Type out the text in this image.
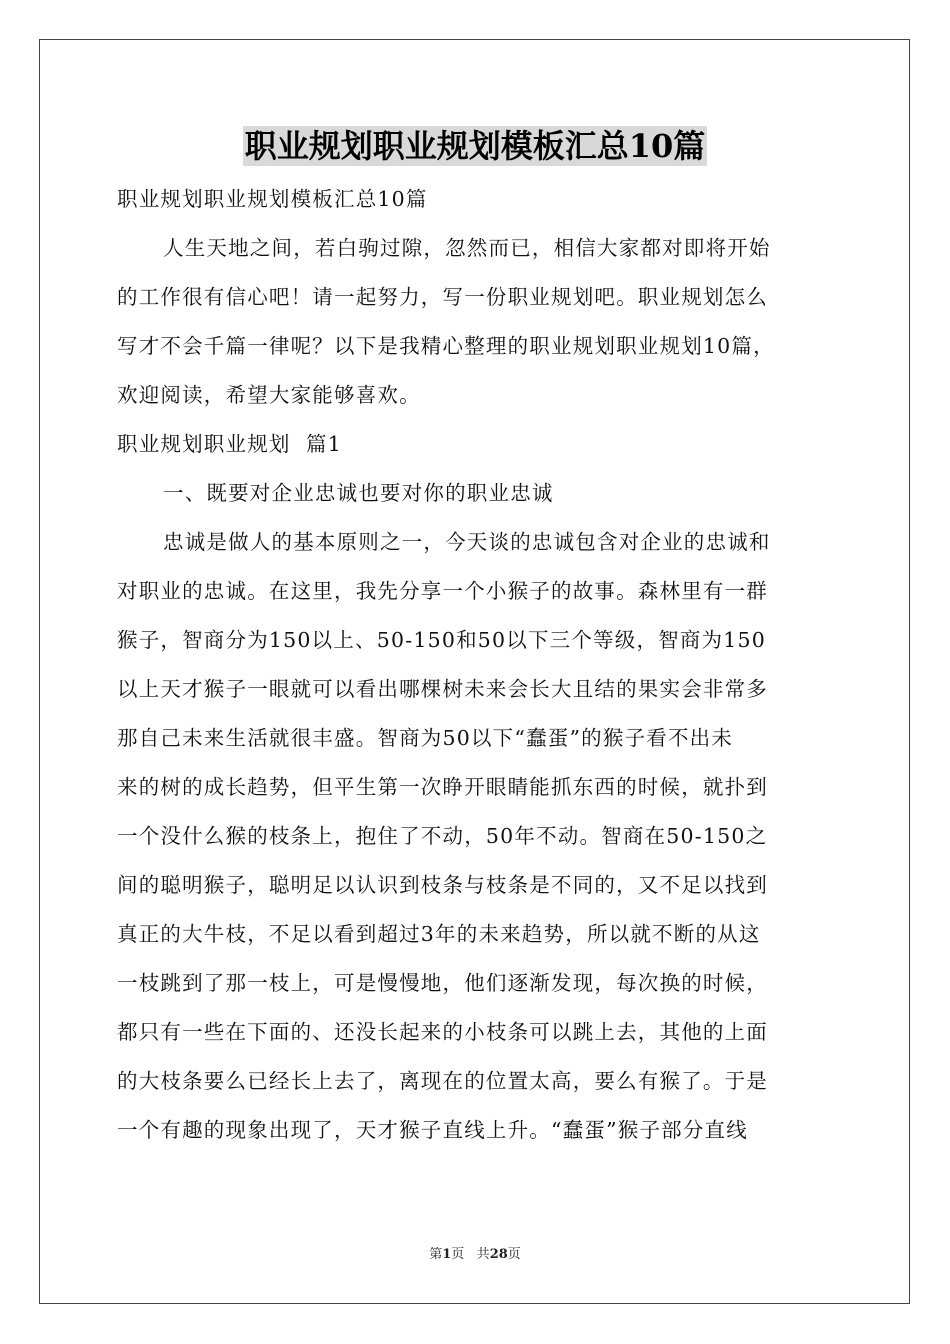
职业规划职业规划模板汇总10篇
职业规划职业规划模板汇总10篇
人生天地之间，若白驹过隙，忽然而已，相信大家都对即将开始
的工作很有信心吧！请一起努力，写一份职业规划吧。职业规划怎么
写才不会千篇一律呢？以下是我精心整理的职业规划职业规划10篇，
欢迎阅读，希望大家能够喜欢。
职业规划职业规划  篇1
一、既要对企业忠诚也要对你的职业忠诚
忠诚是做人的基本原则之一，今天谈的忠诚包含对企业的忠诚和
对职业的忠诚。在这里，我先分享一个小猴子的故事。森林里有一群
猴子，智商分为150以上、50-150和50以下三个等级，智商为150
以上天才猴子一眼就可以看出哪棵树未来会长大且结的果实会非常多
那自己未来生活就很丰盛。智商为50以下“蠢蛋”的猴子看不出未
来的树的成长趋势，但平生第一次睁开眼睛能抓东西的时候，就扑到
一个没什么猴的枝条上，抱住了不动，50年不动。智商在50-150之
间的聪明猴子，聪明足以认识到枝条与枝条是不同的，又不足以找到
真正的大牛枝，不足以看到超过3年的未来趋势，所以就不断的从这
一枝跳到了那一枝上，可是慢慢地，他们逐渐发现，每次换的时候，
都只有一些在下面的、还没长起来的小枝条可以跳上去，其他的上面
的大枝条要么已经长上去了，离现在的位置太高，要么有猴了。于是
一个有趣的现象出现了，天才猴子直线上升。“蠢蛋”猴子部分直线
第1页 共28页
